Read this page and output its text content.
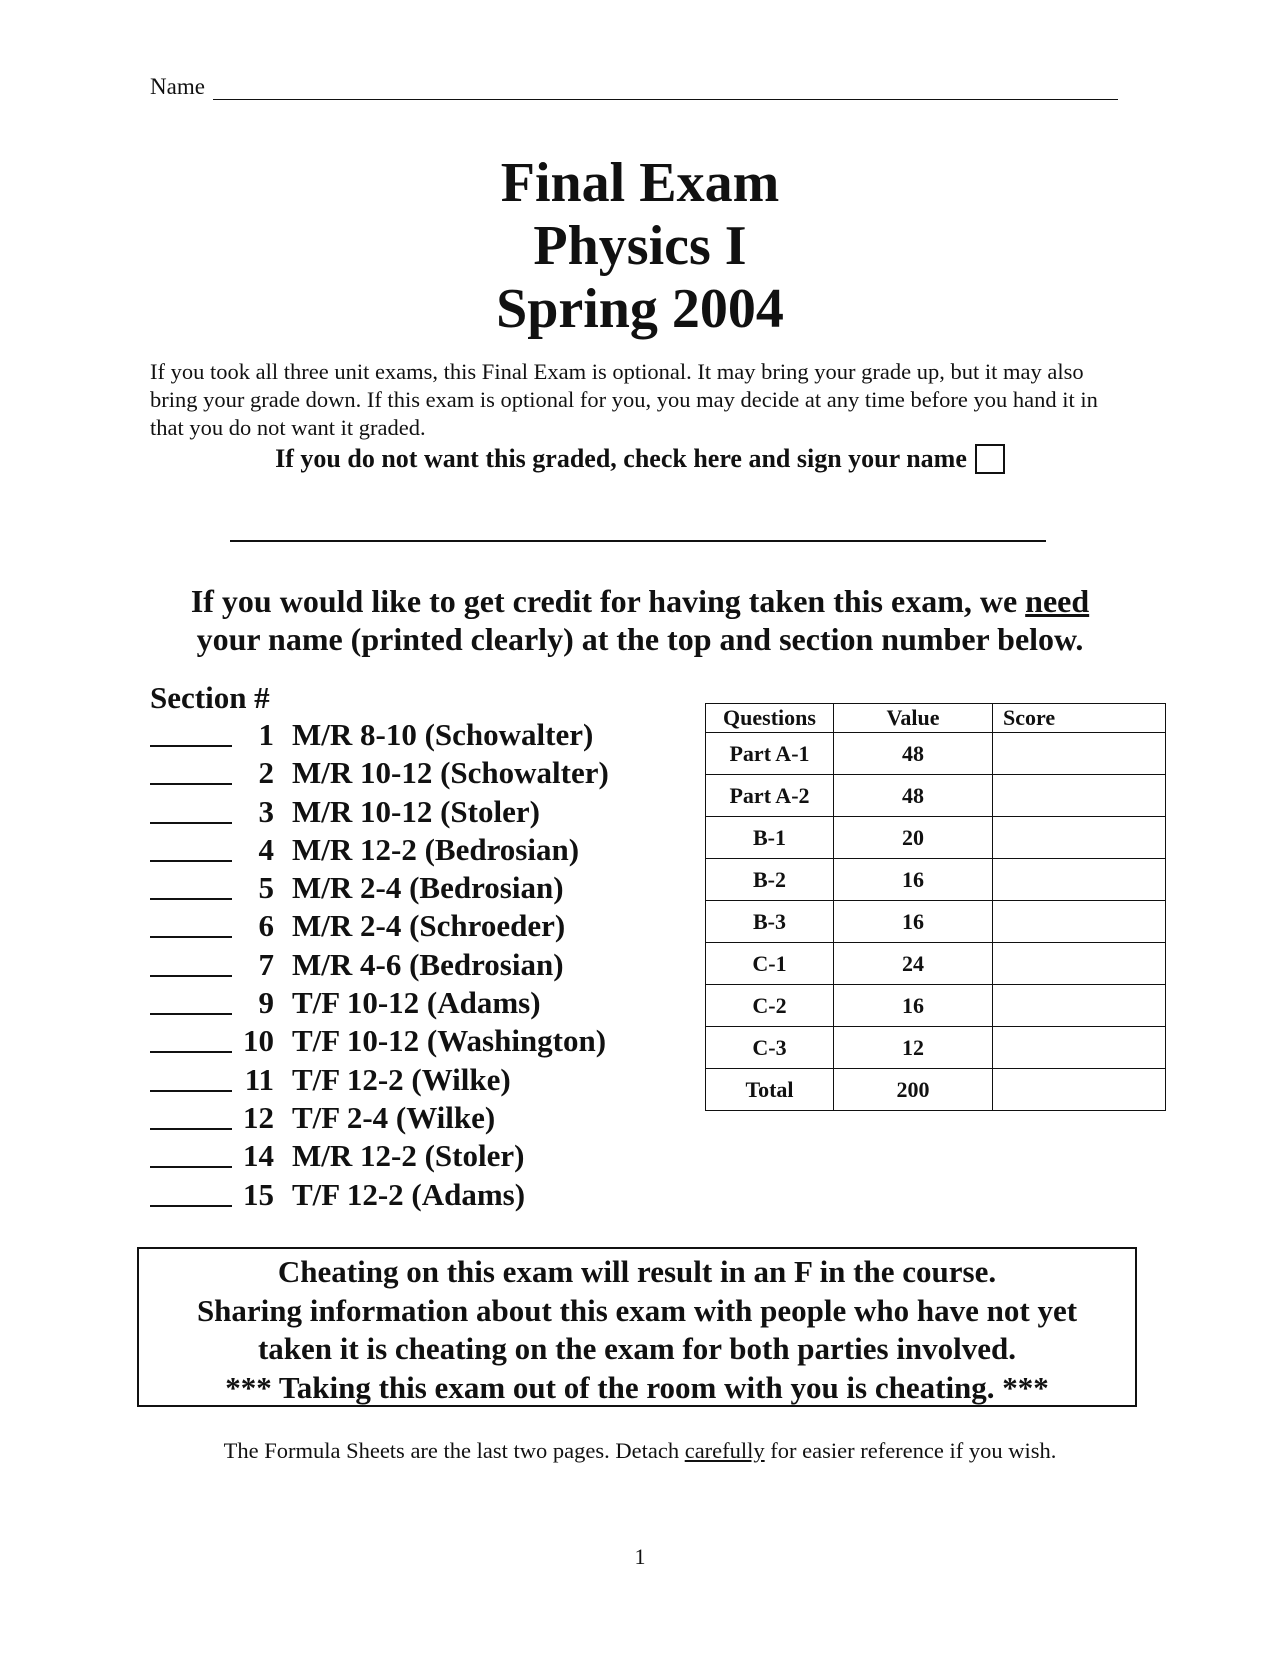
Name
Final Exam
Physics I
Spring 2004
If you took all three unit exams, this Final Exam is optional. It may bring your grade up, but it may also bring your grade down. If this exam is optional for you, you may decide at any time before you hand it in that you do not want it graded.
If you do not want this graded, check here and sign your name
If you would like to get credit for having taken this exam, we need
your name (printed clearly) at the top and section number below.
Section #
1 M/R 8-10 (Schowalter)
2 M/R 10-12 (Schowalter)
3 M/R 10-12 (Stoler)
4 M/R 12-2 (Bedrosian)
5 M/R 2-4 (Bedrosian)
6 M/R 2-4 (Schroeder)
7 M/R 4-6 (Bedrosian)
9 T/F 10-12 (Adams)
10 T/F 10-12 (Washington)
11 T/F 12-2 (Wilke)
12 T/F 2-4 (Wilke)
14 M/R 12-2 (Stoler)
15 T/F 12-2 (Adams)
Questions	Value	Score
Part A-1	48	
Part A-2	48	
B-1	20	
B-2	16	
B-3	16	
C-1	24	
C-2	16	
C-3	12	
Total	200	
Cheating on this exam will result in an F in the course.
Sharing information about this exam with people who have not yet
taken it is cheating on the exam for both parties involved.
*** Taking this exam out of the room with you is cheating. ***
The Formula Sheets are the last two pages. Detach carefully for easier reference if you wish.
1
